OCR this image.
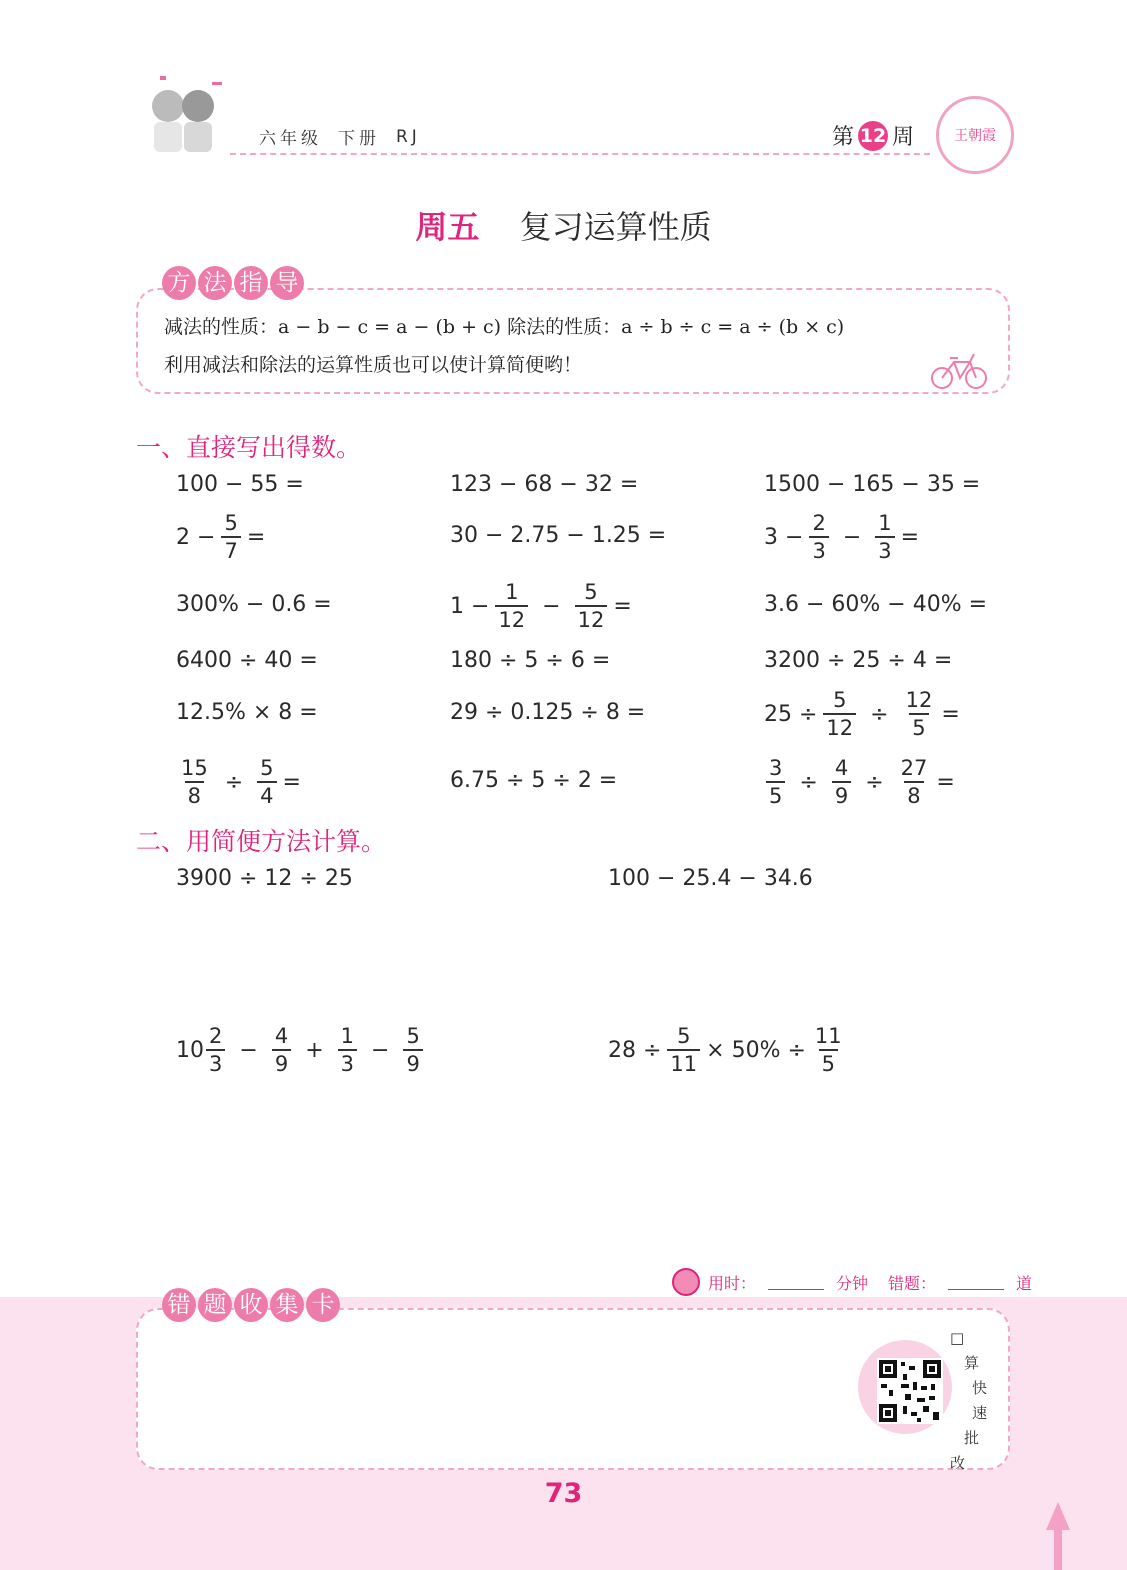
六年级 下册 RJ	第 12 周	王朝霞
周五 复习运算性质
方 法 指 导
减法的性质：a − b − c = a − (b + c) 除法的性质：a ÷ b ÷ c = a ÷ (b × c)
利用减法和除法的运算性质也可以使计算简便哟！
一、直接写出得数。
100 − 55 =	123 − 68 − 32 =	1500 − 165 − 35 =
$2 - \frac{5}{7}$ =	30 − 2.75 − 1.25 =	$3 - \frac{2}{3} - \frac{1}{3}$ =
300% − 0.6 =	$1 - \frac{1}{12} - \frac{5}{12}$ =	3.6 − 60% − 40% =
6400 ÷ 40 =	180 ÷ 5 ÷ 6 =	3200 ÷ 25 ÷ 4 =
12.5% × 8 =	29 ÷ 0.125 ÷ 8 =	$25 \div \frac{5}{12} \div \frac{12}{5}$ =
$\frac{15}{8} \div \frac{5}{4}$ =	6.75 ÷ 5 ÷ 2 =	$\frac{3}{5} \div \frac{4}{9} \div \frac{27}{8}$ =
二、用简便方法计算。
3900 ÷ 12 ÷ 25	100 − 25.4 − 34.6
$10 \frac{2}{3} - \frac{4}{9} + \frac{1}{3} - \frac{5}{9}$	$28 \div \frac{5}{11} \times 50\% \div \frac{11}{5}$
用时：	分钟 错题：	道
错 题 收 集 卡
□
算
快
速
批
改
73
